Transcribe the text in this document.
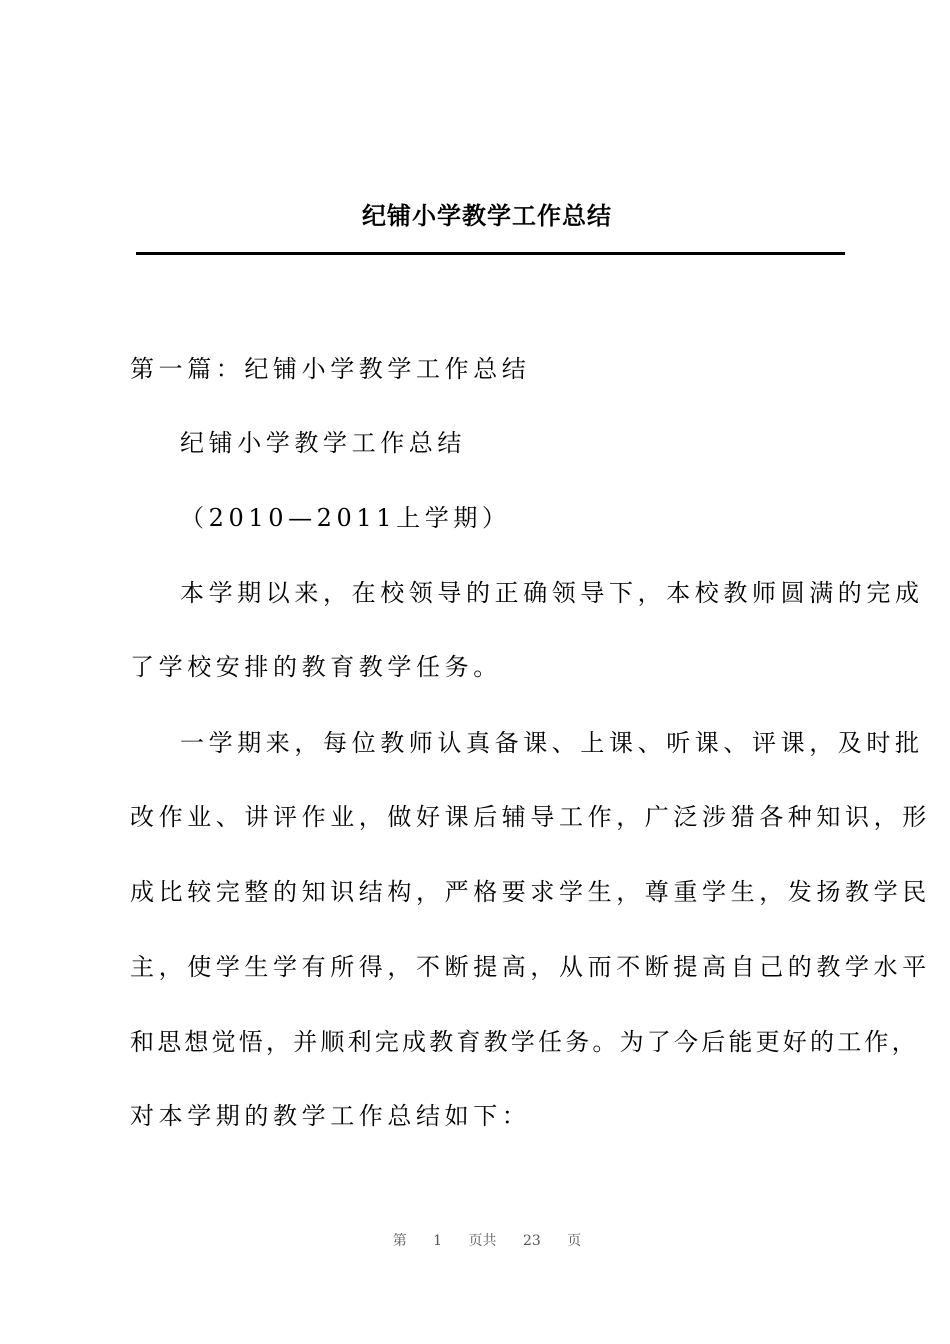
纪铺小学教学工作总结
第一篇：纪铺小学教学工作总结
纪铺小学教学工作总结
（2010—2011上学期）
本学期以来，在校领导的正确领导下，本校教师圆满的完成
了学校安排的教育教学任务。
一学期来，每位教师认真备课、上课、听课、评课，及时批
改作业、讲评作业，做好课后辅导工作，广泛涉猎各种知识，形
成比较完整的知识结构，严格要求学生，尊重学生，发扬教学民
主，使学生学有所得，不断提高，从而不断提高自己的教学水平
和思想觉悟，并顺利完成教育教学任务。为了今后能更好的工作，
对本学期的教学工作总结如下：
第 1 页共 23 页
